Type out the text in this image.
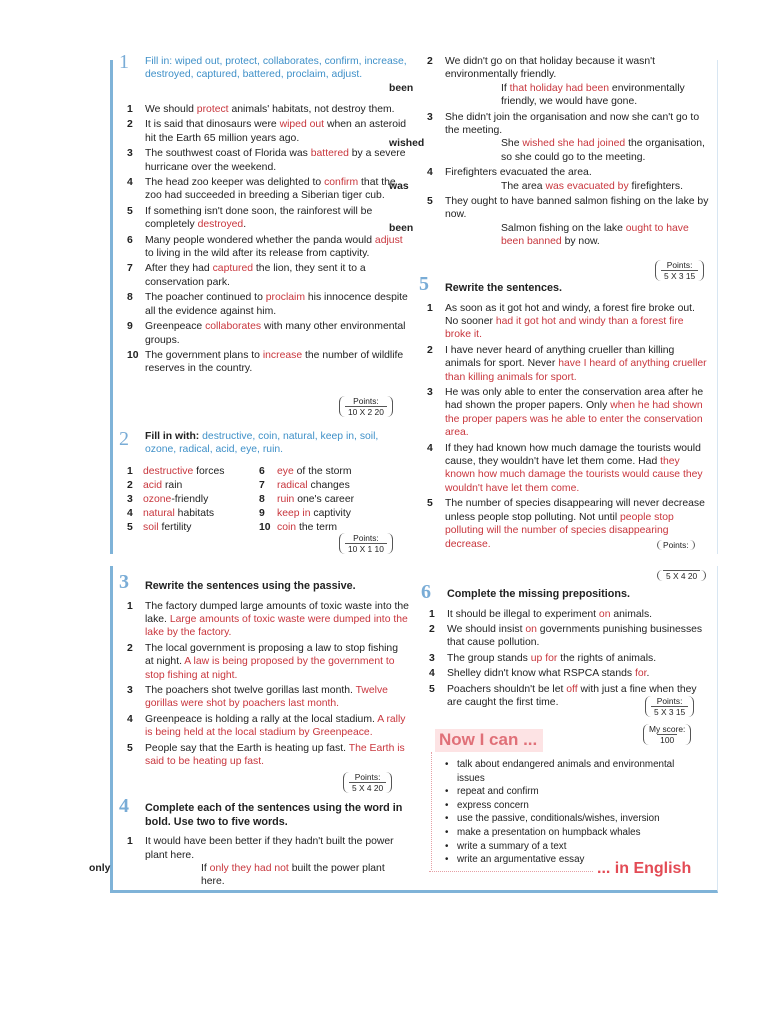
1	Fill in: wiped out, protect, collaborates, confirm, increase, destroyed, captured, battered, proclaim, adjust.
1 We should protect animals' habitats, not destroy them.
2 It is said that dinosaurs were wiped out when an asteroid hit the Earth 65 million years ago.
3 The southwest coast of Florida was battered by a severe hurricane over the weekend.
4 The head zoo keeper was delighted to confirm that the zoo had succeeded in breeding a Siberian tiger cub.
5 If something isn't done soon, the rainforest will be completely destroyed.
6 Many people wondered whether the panda would adjust to living in the wild after its release from captivity.
7 After they had captured the lion, they sent it to a conservation park.
8 The poacher continued to proclaim his innocence despite all the evidence against him.
9 Greenpeace collaborates with many other environmental groups.
10 The government plans to increase the number of wildlife reserves in the country.
Points:
10 X 2 20
2	Fill in with: destructive, coin, natural, keep in, soil, ozone, radical, acid, eye, ruin.
1 destructive forces	6	eye of the storm
2 acid rain	7	radical changes
3 ozone-friendly	8	ruin one's career
4 natural habitats	9	keep in captivity
5 soil fertility	10 coin the term
Points:
10 X 1 10
2 We didn't go on that holiday because it wasn't environmentally friendly.
been	If that holiday had been environmentally friendly, we would have gone.
3 She didn't join the organisation and now she can't go to the meeting.
wished	She wished she had joined the organisation, so she could go to the meeting.
4 Firefighters evacuated the area.
was	The area was evacuated by firefighters.
5 They ought to have banned salmon fishing on the lake by now.
been	Salmon fishing on the lake ought to have been banned by now.
Points:
5 X 3 15
5 Rewrite the sentences.
1 As soon as it got hot and windy, a forest fire broke out. No sooner had it got hot and windy than a forest fire broke it.
2 I have never heard of anything crueller than killing animals for sport. Never have I heard of anything crueller than killing animals for sport.
3 He was only able to enter the conservation area after he had shown the proper papers. Only when he had shown the proper papers was he able to enter the conservation area.
4 If they had known how much damage the tourists would cause, they wouldn't have let them come. Had they known how much damage the tourists would cause they wouldn't have let them come.
5 The number of species disappearing will never decrease unless people stop polluting. Not until people stop polluting will the number of species disappearing decrease.	Points:
3 Rewrite the sentences using the passive.
1 The factory dumped large amounts of toxic waste into the lake. Large amounts of toxic waste were dumped into the lake by the factory.
2 The local government is proposing a law to stop fishing at night. A law is being proposed by the government to stop fishing at night.
3 The poachers shot twelve gorillas last month. Twelve gorillas were shot by poachers last month.
4 Greenpeace is holding a rally at the local stadium. A rally is being held at the local stadium by Greenpeace.
5 People say that the Earth is heating up fast. The Earth is said to be heating up fast.
Points:
5 X 4 20
4 Complete each of the sentences using the word in bold. Use two to five words.
1 It would have been better if they hadn't built the power plant here.
only	If only they had not built the power plant here.
5 X 4 20
6 Complete the missing prepositions.
1 It should be illegal to experiment on animals.
2 We should insist on governments punishing businesses that cause pollution.
3 The group stands up for the rights of animals.
4 Shelley didn't know what RSPCA stands for.
5 Poachers shouldn't be let off with just a fine when they are caught the first time.	Points:
5 X 3 15
My score:
100
Now I can ...
• talk about endangered animals and environmental issues
• repeat and confirm
• express concern
• use the passive, conditionals/wishes, inversion
• make a presentation on humpback whales
• write a summary of a text
• write an argumentative essay
... in English
